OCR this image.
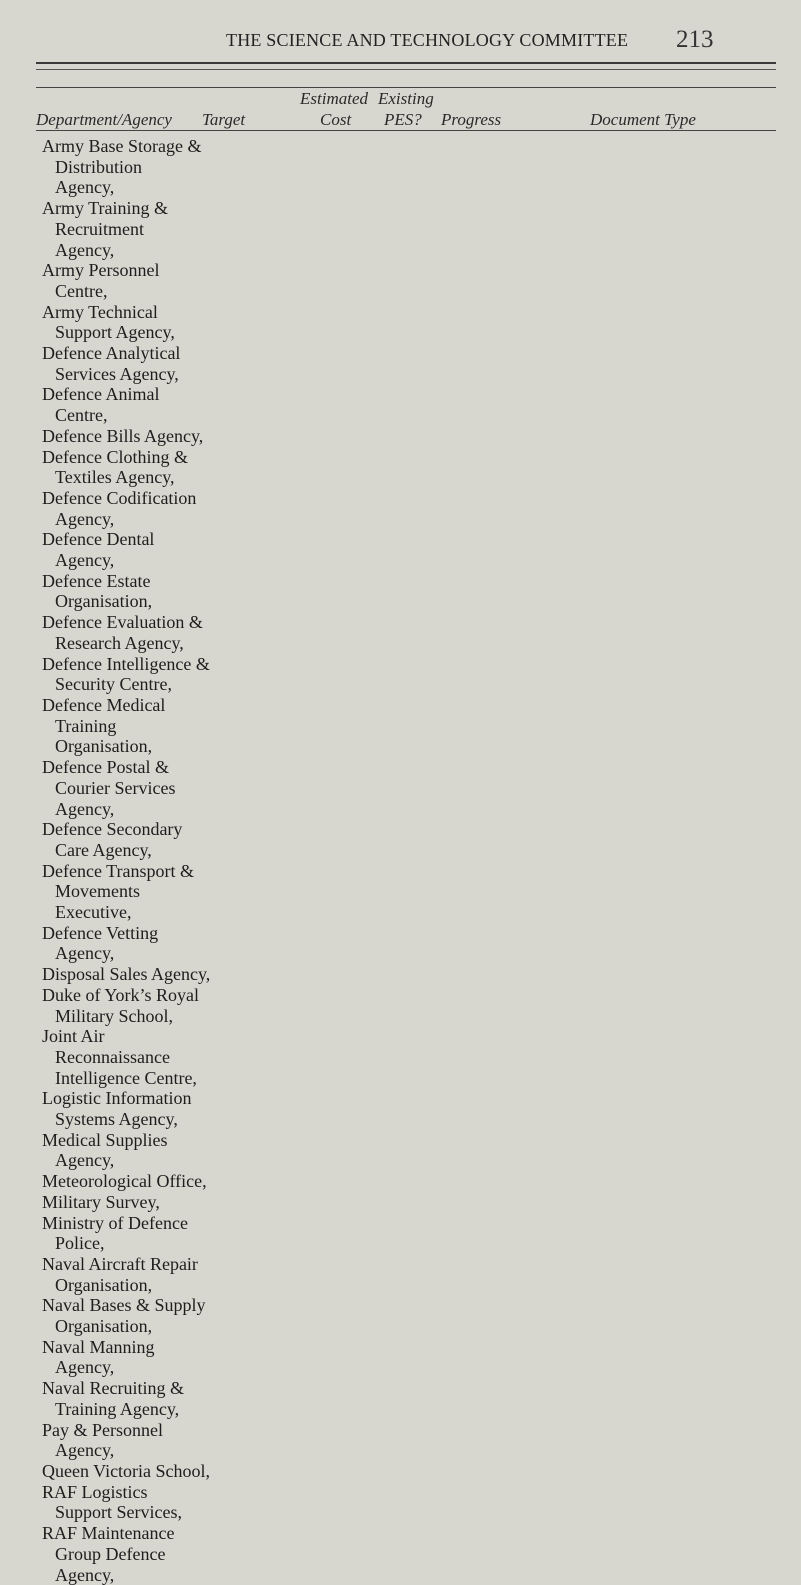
THE SCIENCE AND TECHNOLOGY COMMITTEE 213
Department/Agency Target
Estimated
Cost
Existing
PES? Progress	Document Type
Army Base Storage &
Distribution
Agency,
Army Training &
Recruitment
Agency,
Army Personnel
Centre,
Army Technical
Support Agency,
Defence Analytical
Services Agency,
Defence Animal
Centre,
Defence Bills Agency,
Defence Clothing &
Textiles Agency,
Defence Codification
Agency,
Defence Dental
Agency,
Defence Estate
Organisation,
Defence Evaluation &
Research Agency,
Defence Intelligence &
Security Centre,
Defence Medical
Training
Organisation,
Defence Postal &
Courier Services
Agency,
Defence Secondary
Care Agency,
Defence Transport &
Movements
Executive,
Defence Vetting
Agency,
Disposal Sales Agency,
Duke of York’s Royal
Military School,
Joint Air
Reconnaissance
Intelligence Centre,
Logistic Information
Systems Agency,
Medical Supplies
Agency,
Meteorological Office,
Military Survey,
Ministry of Defence
Police,
Naval Aircraft Repair
Organisation,
Naval Bases & Supply
Organisation,
Naval Manning
Agency,
Naval Recruiting &
Training Agency,
Pay & Personnel
Agency,
Queen Victoria School,
RAF Logistics
Support Services,
RAF Maintenance
Group Defence
Agency,
